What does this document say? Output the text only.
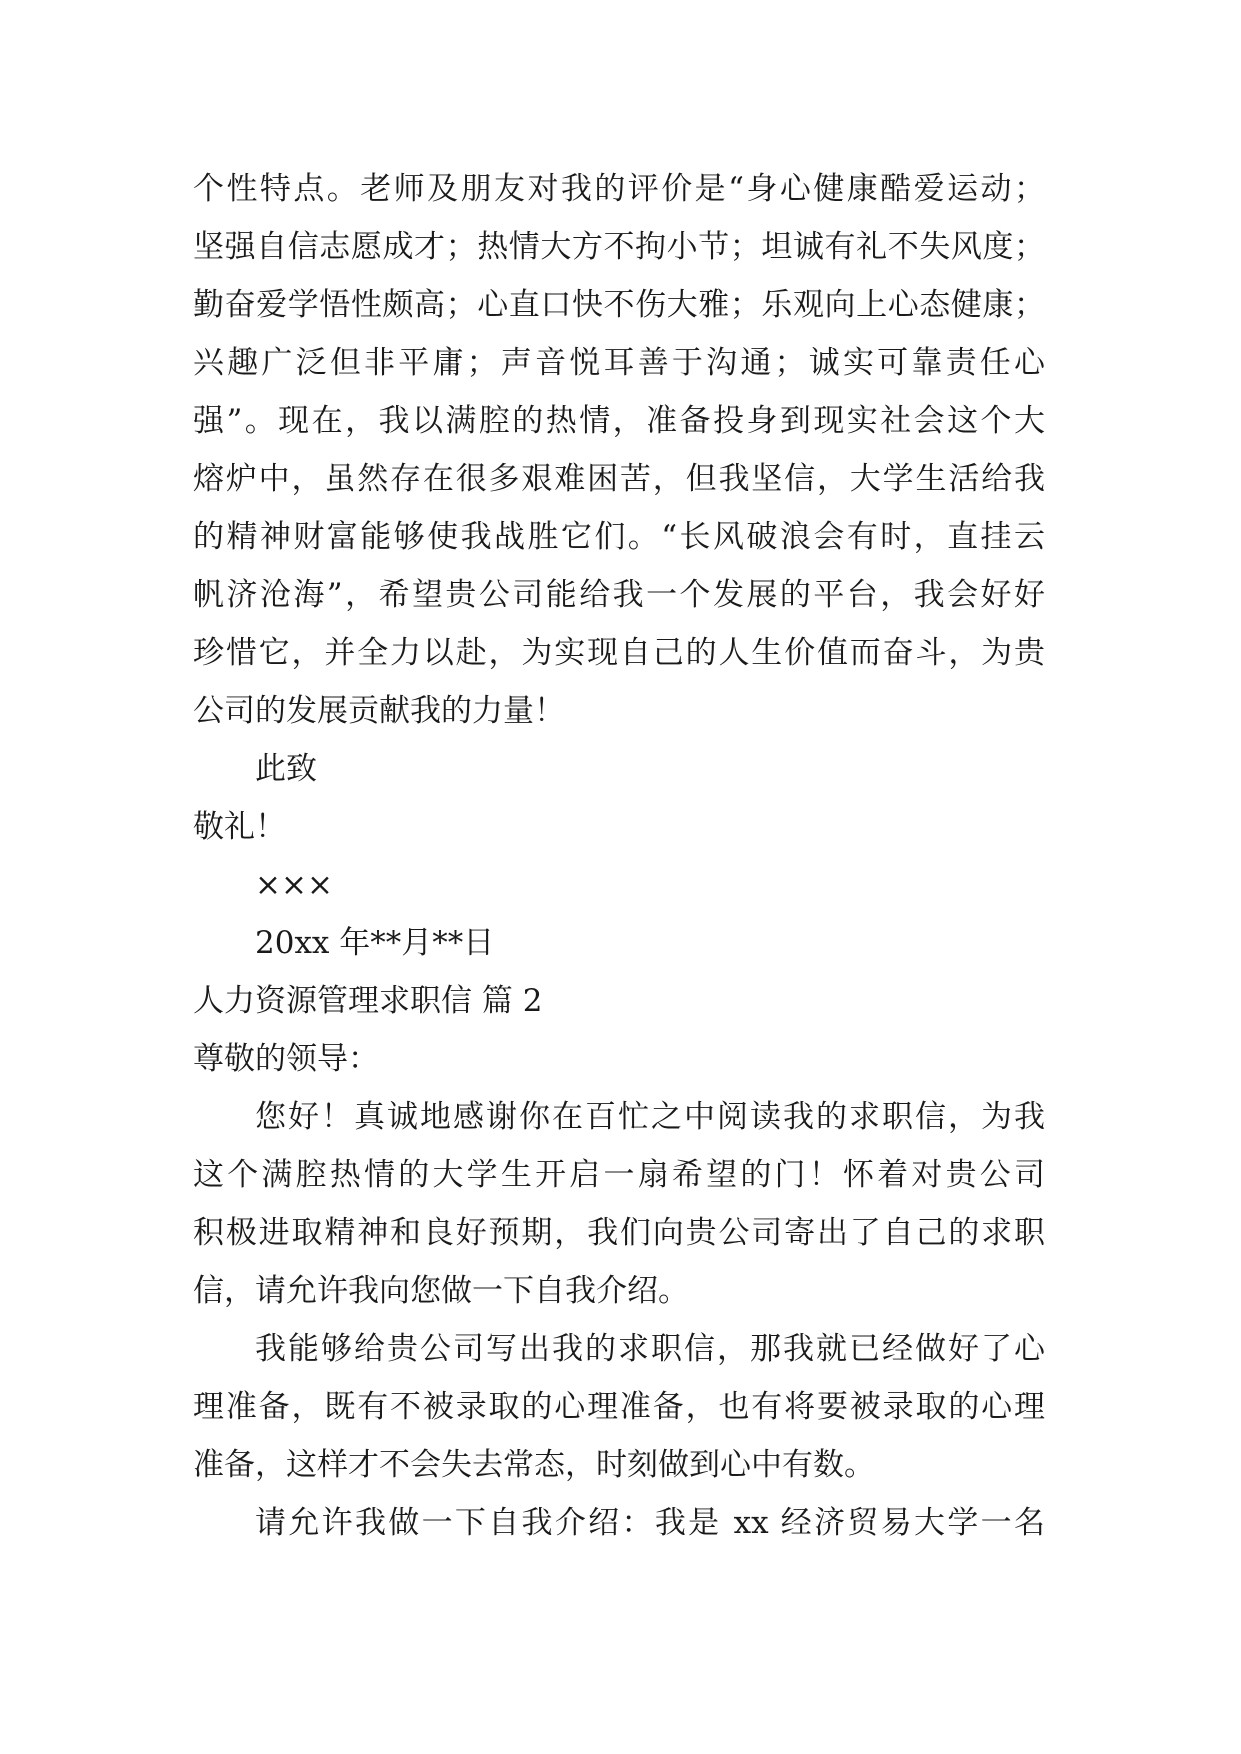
个性特点。老师及朋友对我的评价是“身心健康酷爱运动；
坚强自信志愿成才；热情大方不拘小节；坦诚有礼不失风度；
勤奋爱学悟性颇高；心直口快不伤大雅；乐观向上心态健康；
兴趣广泛但非平庸；声音悦耳善于沟通；诚实可靠责任心
强”。现在，我以满腔的热情，准备投身到现实社会这个大
熔炉中，虽然存在很多艰难困苦，但我坚信，大学生活给我
的精神财富能够使我战胜它们。“长风破浪会有时，直挂云
帆济沧海”，希望贵公司能给我一个发展的平台，我会好好
珍惜它，并全力以赴，为实现自己的人生价值而奋斗，为贵
公司的发展贡献我的力量！
此致
敬礼！
×××
20xx 年**月**日
人力资源管理求职信 篇 2
尊敬的领导：
您好！真诚地感谢你在百忙之中阅读我的求职信，为我
这个满腔热情的大学生开启一扇希望的门！怀着对贵公司
积极进取精神和良好预期，我们向贵公司寄出了自己的求职
信，请允许我向您做一下自我介绍。
我能够给贵公司写出我的求职信，那我就已经做好了心
理准备，既有不被录取的心理准备，也有将要被录取的心理
准备，这样才不会失去常态，时刻做到心中有数。
请允许我做一下自我介绍：我是 xx 经济贸易大学一名
